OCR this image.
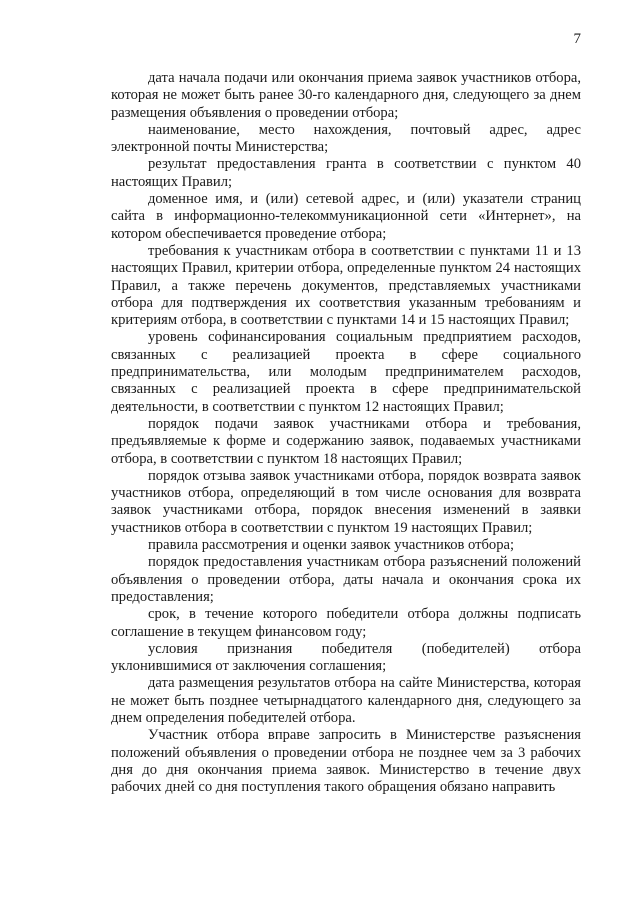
7

дата начала подачи или окончания приема заявок участников отбора, которая не может быть ранее 30-го календарного дня, следующего за днем размещения объявления о проведении отбора;

наименование, место нахождения, почтовый адрес, адрес электронной почты Министерства;

результат предоставления гранта в соответствии с пунктом 40 настоящих Правил;

доменное имя, и (или) сетевой адрес, и (или) указатели страниц сайта в информационно-телекоммуникационной сети «Интернет», на котором обеспечивается проведение отбора;

требования к участникам отбора в соответствии с пунктами 11 и 13 настоящих Правил, критерии отбора, определенные пунктом 24 настоящих Правил, а также перечень документов, представляемых участниками отбора для подтверждения их соответствия указанным требованиям и критериям отбора, в соответствии с пунктами 14 и 15 настоящих Правил;

уровень софинансирования социальным предприятием расходов, связанных с реализацией проекта в сфере социального предпринимательства, или молодым предпринимателем расходов, связанных с реализацией проекта в сфере предпринимательской деятельности, в соответствии с пунктом 12 настоящих Правил;

порядок подачи заявок участниками отбора и требования, предъявляемые к форме и содержанию заявок, подаваемых участниками отбора, в соответствии с пунктом 18 настоящих Правил;

порядок отзыва заявок участниками отбора, порядок возврата заявок участников отбора, определяющий в том числе основания для возврата заявок участниками отбора, порядок внесения изменений в заявки участников отбора в соответствии с пунктом 19 настоящих Правил;

правила рассмотрения и оценки заявок участников отбора;

порядок предоставления участникам отбора разъяснений положений объявления о проведении отбора, даты начала и окончания срока их предоставления;

срок, в течение которого победители отбора должны подписать соглашение в текущем финансовом году;

условия признания победителя (победителей) отбора уклонившимися от заключения соглашения;

дата размещения результатов отбора на сайте Министерства, которая не может быть позднее четырнадцатого календарного дня, следующего за днем определения победителей отбора.

Участник отбора вправе запросить в Министерстве разъяснения положений объявления о проведении отбора не позднее чем за 3 рабочих дня до дня окончания приема заявок. Министерство в течение двух рабочих дней со дня поступления такого обращения обязано направить
